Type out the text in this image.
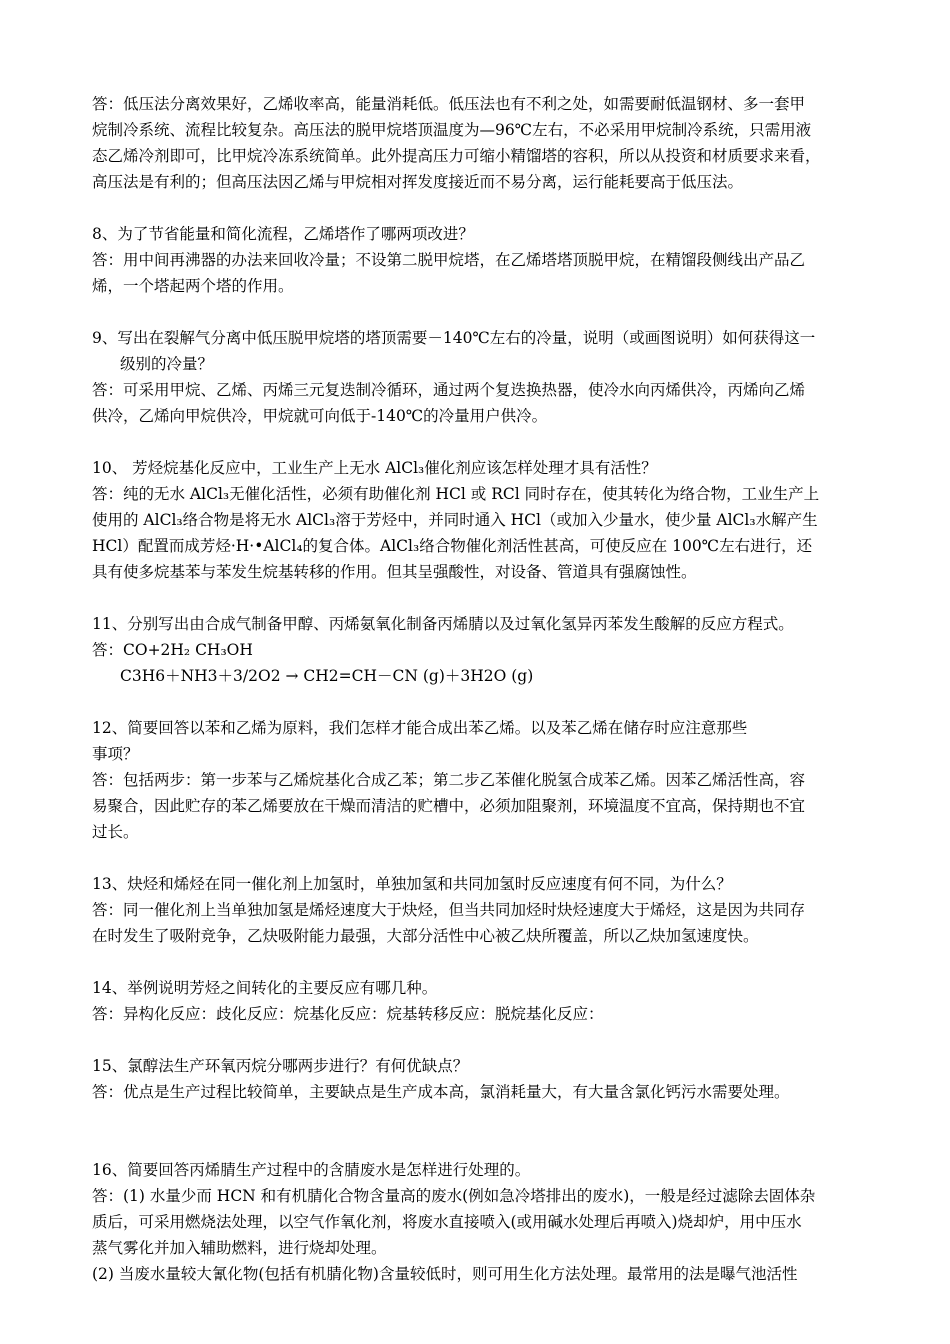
答：低压法分离效果好，乙烯收率高，能量消耗低。低压法也有不利之处，如需要耐低温钢材、多一套甲
烷制冷系统、流程比较复杂。高压法的脱甲烷塔顶温度为—96℃左右，不必采用甲烷制冷系统，只需用液
态乙烯冷剂即可，比甲烷冷冻系统简单。此外提高压力可缩小精馏塔的容积，所以从投资和材质要求来看，
高压法是有利的；但高压法因乙烯与甲烷相对挥发度接近而不易分离，运行能耗要高于低压法。
8、为了节省能量和简化流程，乙烯塔作了哪两项改进？
答：用中间再沸器的办法来回收冷量；不设第二脱甲烷塔，在乙烯塔塔顶脱甲烷，在精馏段侧线出产品乙
烯，一个塔起两个塔的作用。
9、写出在裂解气分离中低压脱甲烷塔的塔顶需要－140℃左右的冷量，说明（或画图说明）如何获得这一
级别的冷量？
答：可采用甲烷、乙烯、丙烯三元复迭制冷循环，通过两个复迭换热器，使冷水向丙烯供冷，丙烯向乙烯
供冷，乙烯向甲烷供冷，甲烷就可向低于-140℃的冷量用户供冷。
10、 芳烃烷基化反应中，工业生产上无水 AlCl₃催化剂应该怎样处理才具有活性？
答：纯的无水 AlCl₃无催化活性，必须有助催化剂 HCl 或 RCl 同时存在，使其转化为络合物，工业生产上
使用的 AlCl₃络合物是将无水 AlCl₃溶于芳烃中，并同时通入 HCl（或加入少量水，使少量 AlCl₃水解产生
HCl）配置而成芳烃·H·•AlCl₄的复合体。AlCl₃络合物催化剂活性甚高，可使反应在 100℃左右进行，还
具有使多烷基苯与苯发生烷基转移的作用。但其呈强酸性，对设备、管道具有强腐蚀性。
11、分别写出由合成气制备甲醇、丙烯氨氧化制备丙烯腈以及过氧化氢异丙苯发生酸解的反应方程式。
答：CO+2H₂ CH₃OH
C3H6＋NH3＋3/2O2 → CH2=CH－CN (g)＋3H2O (g)
12、简要回答以苯和乙烯为原料，我们怎样才能合成出苯乙烯。以及苯乙烯在储存时应注意那些
事项？
答：包括两步：第一步苯与乙烯烷基化合成乙苯；第二步乙苯催化脱氢合成苯乙烯。因苯乙烯活性高，容
易聚合，因此贮存的苯乙烯要放在干燥而清洁的贮槽中，必须加阻聚剂，环境温度不宜高，保持期也不宜
过长。
13、炔烃和烯烃在同一催化剂上加氢时，单独加氢和共同加氢时反应速度有何不同，为什么？
答：同一催化剂上当单独加氢是烯烃速度大于炔烃，但当共同加烃时炔烃速度大于烯烃，这是因为共同存
在时发生了吸附竞争，乙炔吸附能力最强，大部分活性中心被乙炔所覆盖，所以乙炔加氢速度快。
14、举例说明芳烃之间转化的主要反应有哪几种。
答：异构化反应：歧化反应：烷基化反应：烷基转移反应：脱烷基化反应：
15、氯醇法生产环氧丙烷分哪两步进行？有何优缺点？
答：优点是生产过程比较简单，主要缺点是生产成本高，氯消耗量大，有大量含氯化钙污水需要处理。
16、简要回答丙烯腈生产过程中的含腈废水是怎样进行处理的。
答：(1) 水量少而 HCN 和有机腈化合物含量高的废水(例如急冷塔排出的废水)，一般是经过滤除去固体杂
质后，可采用燃烧法处理，以空气作氧化剂，将废水直接喷入(或用碱水处理后再喷入)烧却炉，用中压水
蒸气雾化并加入辅助燃料，进行烧却处理。
(2) 当废水量较大氰化物(包括有机腈化物)含量较低时，则可用生化方法处理。最常用的法是曝气池活性
